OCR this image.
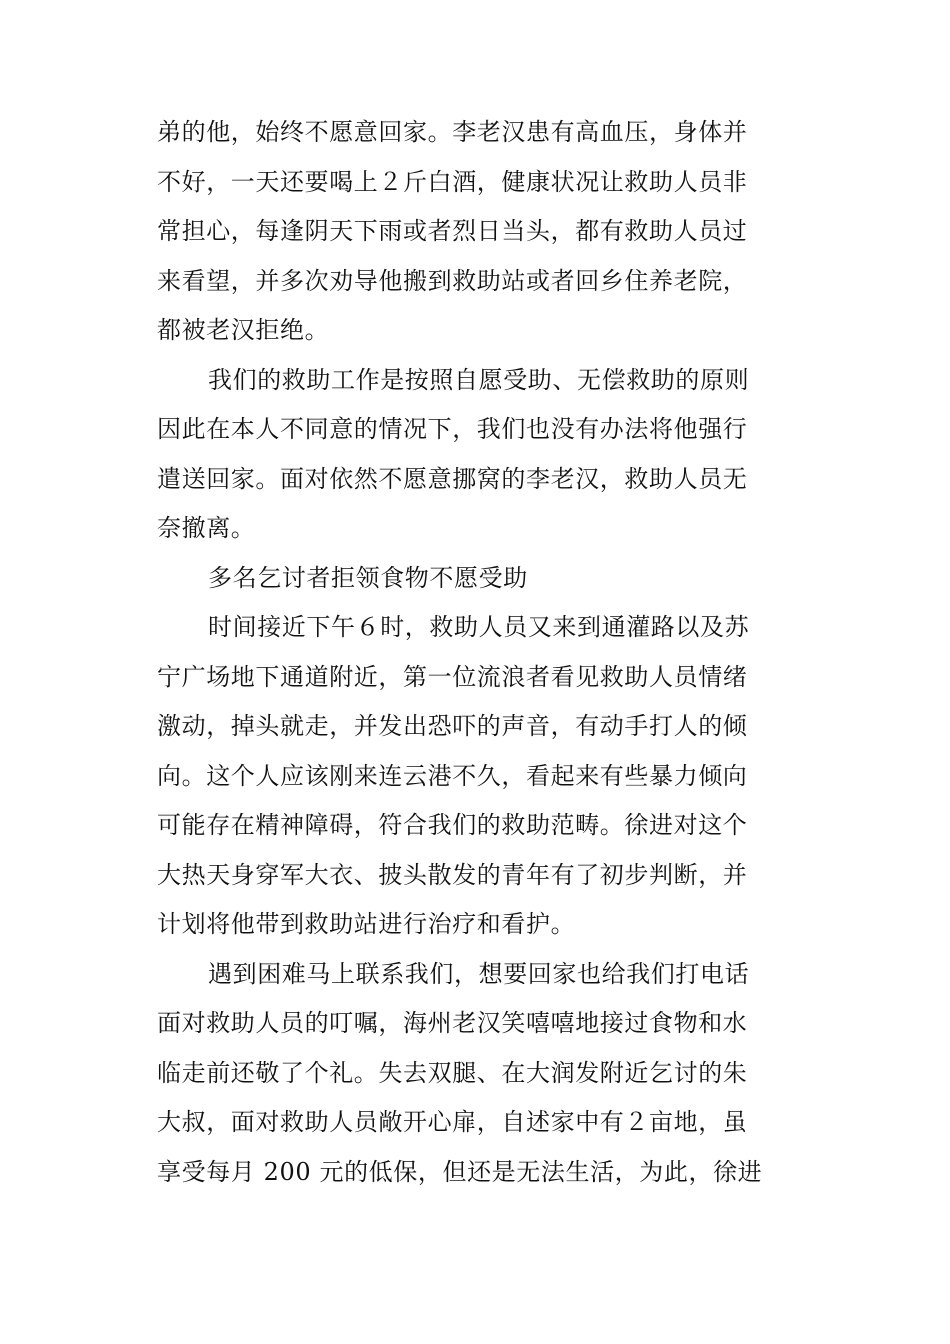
弟的他，始终不愿意回家。李老汉患有高血压，身体并
不好，一天还要喝上２斤白酒，健康状况让救助人员非
常担心，每逢阴天下雨或者烈日当头，都有救助人员过
来看望，并多次劝导他搬到救助站或者回乡住养老院，
都被老汉拒绝。
我们的救助工作是按照自愿受助、无偿救助的原则
因此在本人不同意的情况下，我们也没有办法将他强行
遣送回家。面对依然不愿意挪窝的李老汉，救助人员无
奈撤离。
多名乞讨者拒领食物不愿受助
时间接近下午６时，救助人员又来到通灌路以及苏
宁广场地下通道附近，第一位流浪者看见救助人员情绪
激动，掉头就走，并发出恐吓的声音，有动手打人的倾
向。这个人应该刚来连云港不久，看起来有些暴力倾向
可能存在精神障碍，符合我们的救助范畴。徐进对这个
大热天身穿军大衣、披头散发的青年有了初步判断，并
计划将他带到救助站进行治疗和看护。
遇到困难马上联系我们，想要回家也给我们打电话
面对救助人员的叮嘱，海州老汉笑嘻嘻地接过食物和水
临走前还敬了个礼。失去双腿、在大润发附近乞讨的朱
大叔，面对救助人员敞开心扉，自述家中有２亩地，虽
享受每月 200 元的低保，但还是无法生活，为此，徐进
